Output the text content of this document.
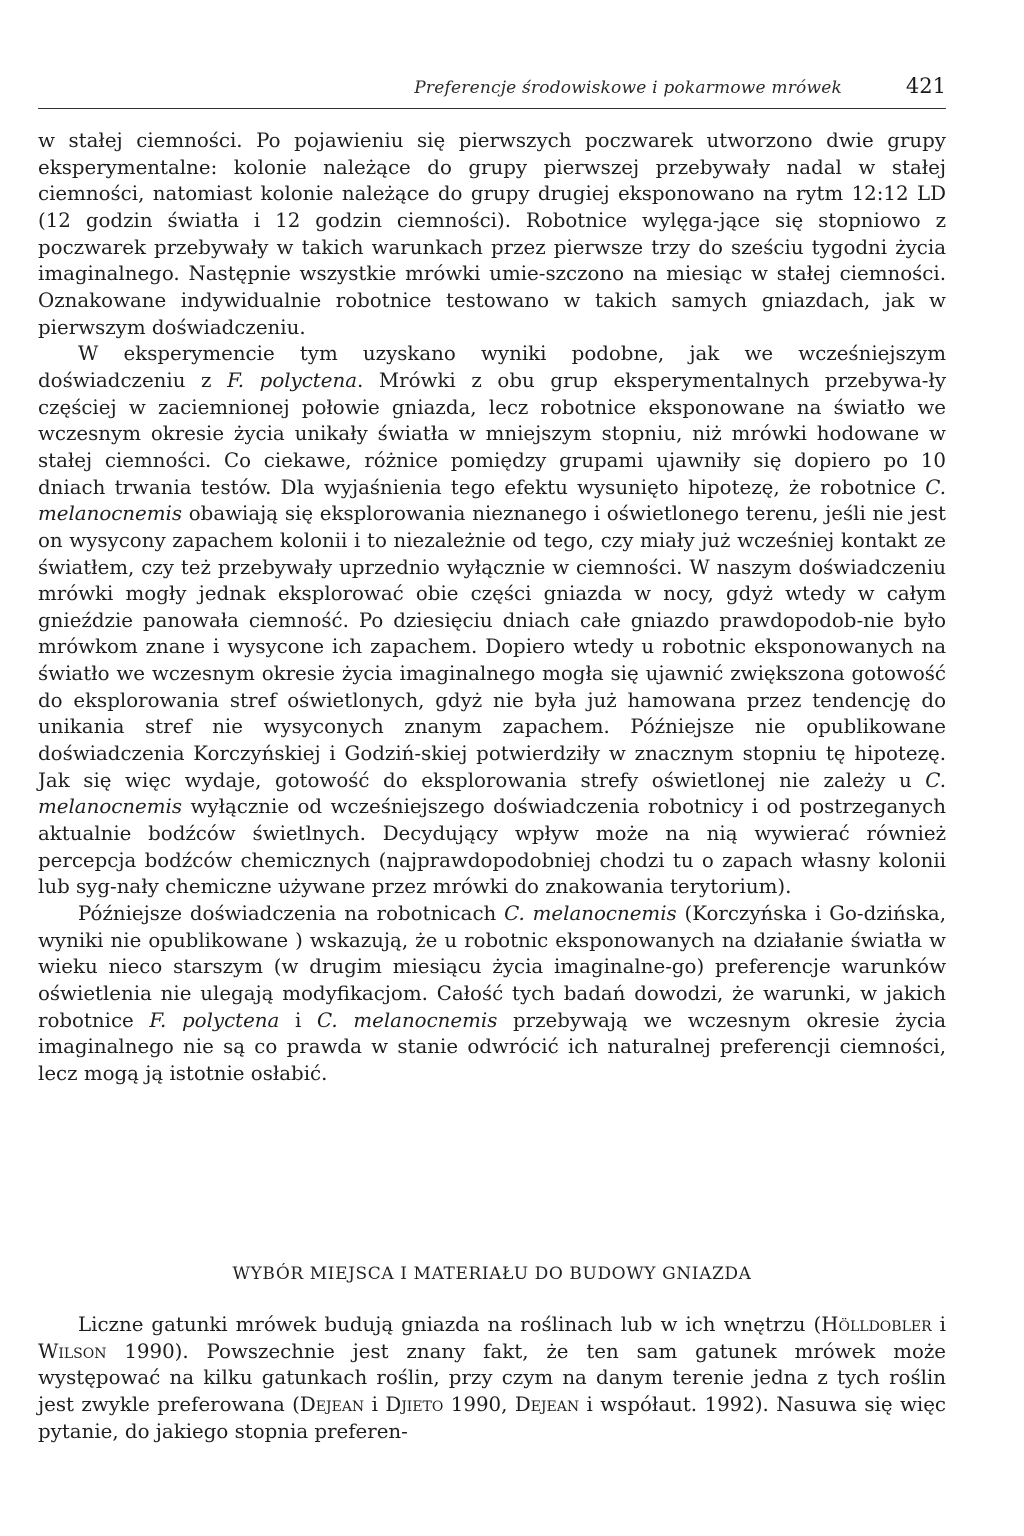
Preferencje środowiskowe i pokarmowe mrówek	421

w stałej ciemności. Po pojawieniu się pierwszych poczwarek utworzono dwie grupy eksperymentalne: kolonie należące do grupy pierwszej przebywały nadal w stałej ciemności, natomiast kolonie należące do grupy drugiej eksponowano na rytm 12:12 LD (12 godzin światła i 12 godzin ciemności). Robotnice wylęga-jące się stopniowo z poczwarek przebywały w takich warunkach przez pierwsze trzy do sześciu tygodni życia imaginalnego. Następnie wszystkie mrówki umie-szczono na miesiąc w stałej ciemności. Oznakowane indywidualnie robotnice testowano w takich samych gniazdach, jak w pierwszym doświadczeniu.

W eksperymencie tym uzyskano wyniki podobne, jak we wcześniejszym doświadczeniu z F. polyctena. Mrówki z obu grup eksperymentalnych przebywa-ły częściej w zaciemnionej połowie gniazda, lecz robotnice eksponowane na światło we wczesnym okresie życia unikały światła w mniejszym stopniu, niż mrówki hodowane w stałej ciemności. Co ciekawe, różnice pomiędzy grupami ujawniły się dopiero po 10 dniach trwania testów. Dla wyjaśnienia tego efektu wysunięto hipotezę, że robotnice C. melanocnemis obawiają się eksplorowania nieznanego i oświetlonego terenu, jeśli nie jest on wysycony zapachem kolonii i to niezależnie od tego, czy miały już wcześniej kontakt ze światłem, czy też przebywały uprzednio wyłącznie w ciemności. W naszym doświadczeniu mrówki mogły jednak eksplorować obie części gniazda w nocy, gdyż wtedy w całym gnieździe panowała ciemność. Po dziesięciu dniach całe gniazdo prawdopodob-nie było mrówkom znane i wysycone ich zapachem. Dopiero wtedy u robotnic eksponowanych na światło we wczesnym okresie życia imaginalnego mogła się ujawnić zwiększona gotowość do eksplorowania stref oświetlonych, gdyż nie była już hamowana przez tendencję do unikania stref nie wysyconych znanym zapachem. Późniejsze nie opublikowane doświadczenia Korczyńskiej i Godziń-skiej potwierdziły w znacznym stopniu tę hipotezę. Jak się więc wydaje, gotowość do eksplorowania strefy oświetlonej nie zależy u C. melanocnemis wyłącznie od wcześniejszego doświadczenia robotnicy i od postrzeganych aktualnie bodźców świetlnych. Decydujący wpływ może na nią wywierać również percepcja bodźców chemicznych (najprawdopodobniej chodzi tu o zapach własny kolonii lub syg-nały chemiczne używane przez mrówki do znakowania terytorium).

Późniejsze doświadczenia na robotnicach C. melanocnemis (Korczyńska i Go-dzińska, wyniki nie opublikowane ) wskazują, że u robotnic eksponowanych na działanie światła w wieku nieco starszym (w drugim miesiącu życia imaginalne-go) preferencje warunków oświetlenia nie ulegają modyfikacjom. Całość tych badań dowodzi, że warunki, w jakich robotnice F. polyctena i C. melanocnemis przebywają we wczesnym okresie życia imaginalnego nie są co prawda w stanie odwrócić ich naturalnej preferencji ciemności, lecz mogą ją istotnie osłabić.

WYBÓR MIEJSCA I MATERIAŁU DO BUDOWY GNIAZDA

Liczne gatunki mrówek budują gniazda na roślinach lub w ich wnętrzu (Hölldobler i Wilson 1990). Powszechnie jest znany fakt, że ten sam gatunek mrówek może występować na kilku gatunkach roślin, przy czym na danym terenie jedna z tych roślin jest zwykle preferowana (Dejean i Djieto 1990, Dejean i współaut. 1992). Nasuwa się więc pytanie, do jakiego stopnia preferen-
